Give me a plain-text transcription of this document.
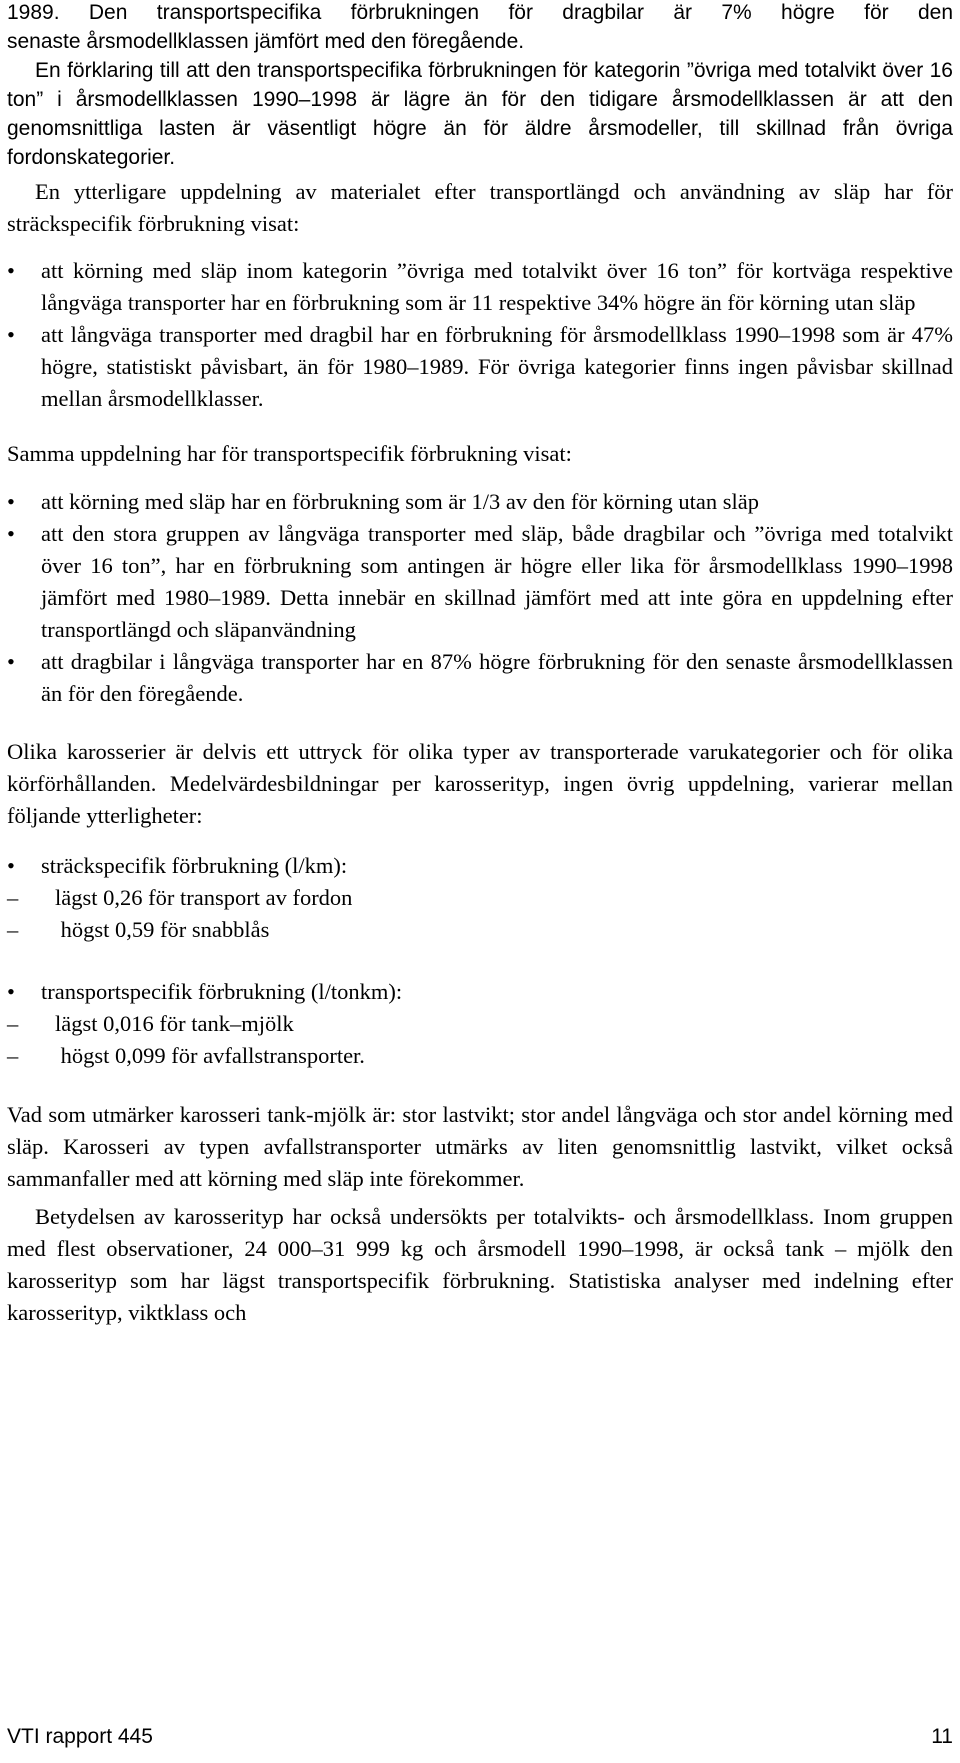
1989. Den transportspecifika förbrukningen för dragbilar är 7% högre för den
senaste årsmodellklassen jämfört med den föregående.

En förklaring till att den transportspecifika förbrukningen för kategorin ”övriga med totalvikt över 16 ton” i årsmodellklassen 1990–1998 är lägre än för den tidigare årsmodellklassen är att den genomsnittliga lasten är väsentligt högre än för äldre årsmodeller, till skillnad från övriga fordonskategorier.

En ytterligare uppdelning av materialet efter transportlängd och användning av släp har för sträckspecifik förbrukning visat:

• att körning med släp inom kategorin ”övriga med totalvikt över 16 ton” för kortväga respektive långväga transporter har en förbrukning som är 11 respektive 34% högre än för körning utan släp
• att långväga transporter med dragbil har en förbrukning för årsmodellklass 1990–1998 som är 47% högre, statistiskt påvisbart, än för 1980–1989. För övriga kategorier finns ingen påvisbar skillnad mellan årsmodellklasser.

Samma uppdelning har för transportspecifik förbrukning visat:

• att körning med släp har en förbrukning som är 1/3 av den för körning utan släp
• att den stora gruppen av långväga transporter med släp, både dragbilar och ”övriga med totalvikt över 16 ton”, har en förbrukning som antingen är högre eller lika för årsmodellklass 1990–1998 jämfört med 1980–1989. Detta innebär en skillnad jämfört med att inte göra en uppdelning efter transportlängd och släpanvändning
• att dragbilar i långväga transporter har en 87% högre förbrukning för den senaste årsmodellklassen än för den föregående.

Olika karosserier är delvis ett uttryck för olika typer av transporterade varukategorier och för olika körförhållanden. Medelvärdesbildningar per karosserityp, ingen övrig uppdelning, varierar mellan följande ytterligheter:

• sträckspecifik förbrukning (l/km):
– lägst 0,26 för transport av fordon
– högst 0,59 för snabblås
• transportspecifik förbrukning (l/tonkm):
– lägst 0,016 för tank–mjölk
– högst 0,099 för avfallstransporter.

Vad som utmärker karosseri tank-mjölk är: stor lastvikt; stor andel långväga och stor andel körning med släp. Karosseri av typen avfallstransporter utmärks av liten genomsnittlig lastvikt, vilket också sammanfaller med att körning med släp inte förekommer.

Betydelsen av karosserityp har också undersökts per totalvikts- och årsmodellklass. Inom gruppen med flest observationer, 24 000–31 999 kg och årsmodell 1990–1998, är också tank – mjölk den karosserityp som har lägst transportspecifik förbrukning. Statistiska analyser med indelning efter karosserityp, viktklass och

VTI rapport 445	11
